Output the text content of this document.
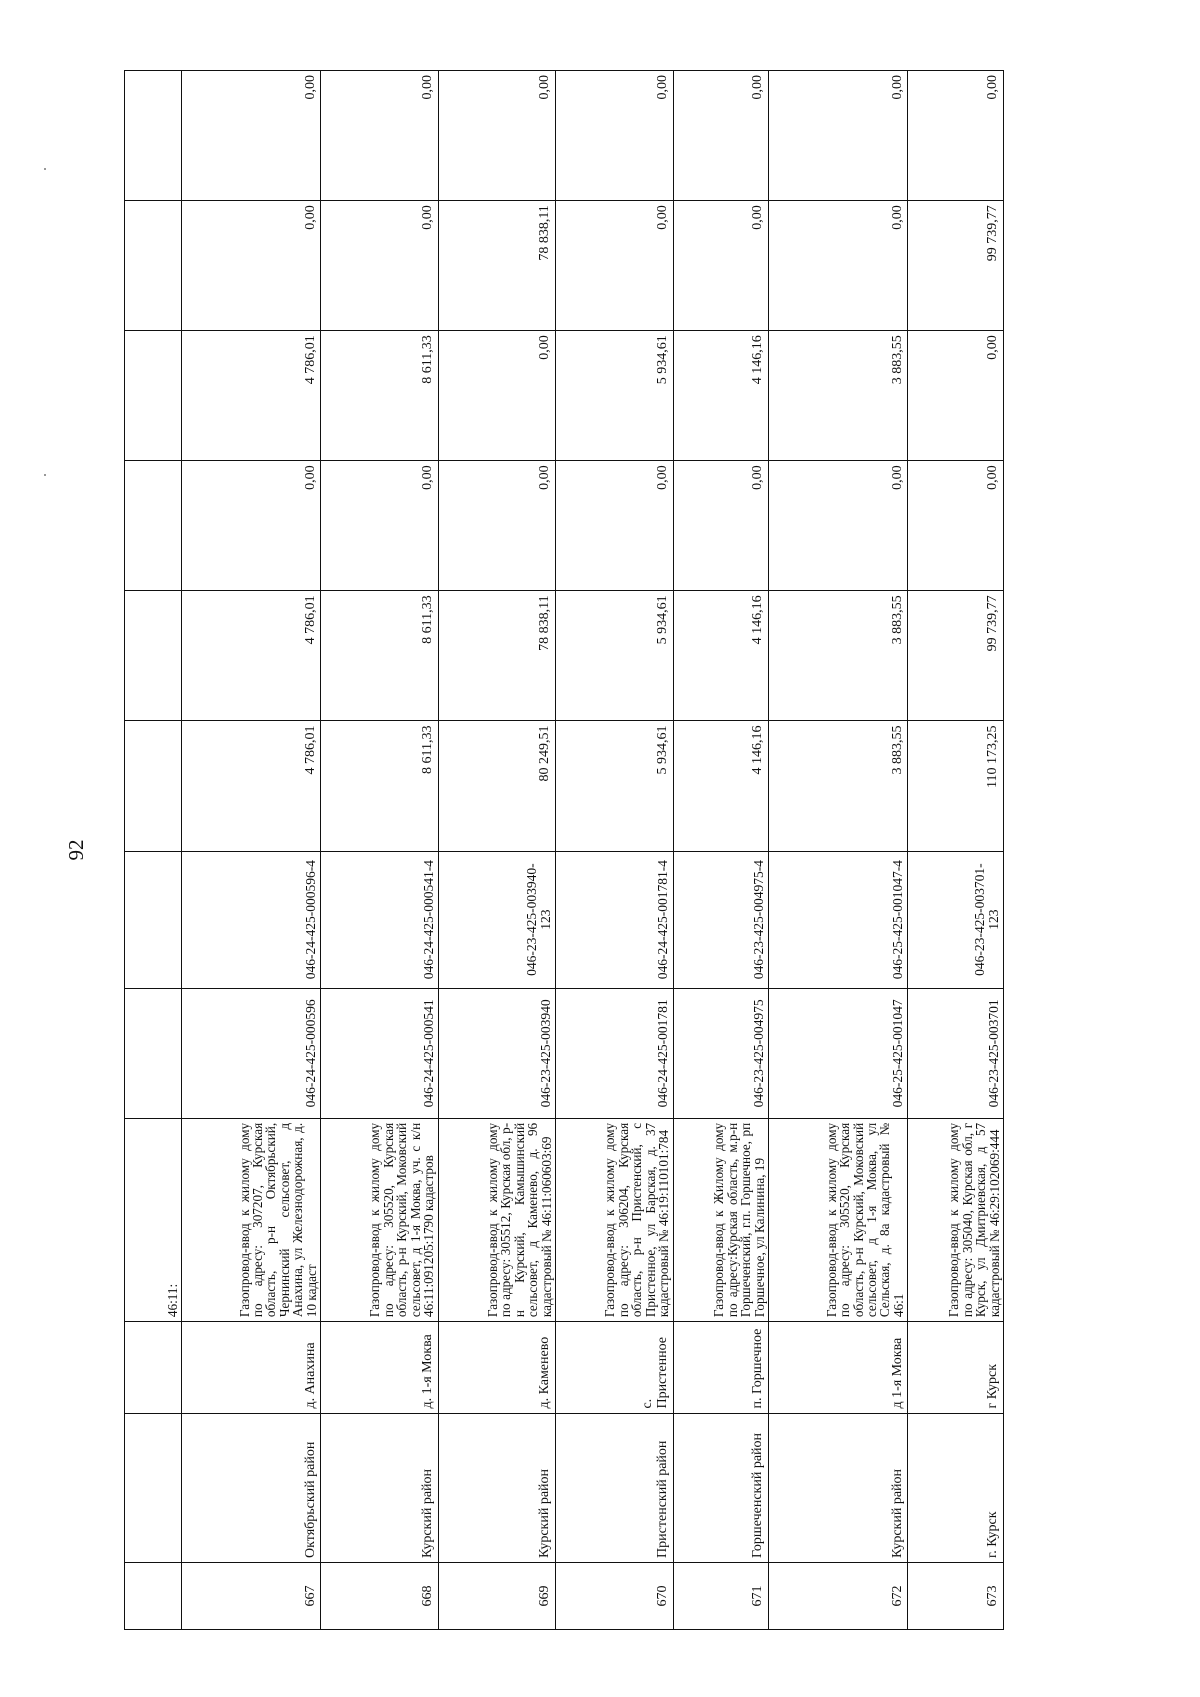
92
			46:11:								
667	Октябрьский район	д. Анахина	Газопровод-ввод к жилому дому по адресу: 307207, Курская область, р-н Октябрьский, Чернинский сельсовет, д Анахина, ул Железнодорожная, д. 10 кадаст	046-24-425-000596	046-24-425-000596-4	4 786,01	4 786,01	0,00	4 786,01	0,00	0,00
668	Курский район	д. 1-я Моква	Газопровод-ввод к жилому дому по адресу: 305520, Курская область, р-н Курский, Моковский сельсовет, д 1-я Моква, уч. с к/н 46:11:091205:1790 кадастров	046-24-425-000541	046-24-425-000541-4	8 611,33	8 611,33	0,00	8 611,33	0,00	0,00
669	Курский район	д. Каменево	Газопровод-ввод к жилому дому по адресу: 305512, Курская обл, р-н Курский, Камышинский сельсовет, д Каменево, д. 96 кадастровый № 46:11:060603:69	046-23-425-003940	046-23-425-003940-123	80 249,51	78 838,11	0,00	0,00	78 838,11	0,00
670	Пристенский район	с. Пристенное	Газопровод-ввод к жилому дому по адресу: 306204, Курская область, р-н Пристенский, с Пристенное, ул Барская, д. 37 кадастровый № 46:19:110101:784	046-24-425-001781	046-24-425-001781-4	5 934,61	5 934,61	0,00	5 934,61	0,00	0,00
671	Горшеченский район	п. Горшечное	Газопровод-ввод к Жилому дому по адресу:Курская область, м.р-н Горшеченский, г.п. Горшечное, рп Горшечное, ул Калинина, 19	046-23-425-004975	046-23-425-004975-4	4 146,16	4 146,16	0,00	4 146,16	0,00	0,00
672	Курский район	д 1-я Моква	Газопровод-ввод к жилому дому по адресу: 305520, Курская область, р-н Курский, Моковский сельсовет, д 1-я Моква, ул Сельская, д. 8а кадастровый № 46:1	046-25-425-001047	046-25-425-001047-4	3 883,55	3 883,55	0,00	3 883,55	0,00	0,00
673	г. Курск	г Курск	Газопровод-ввод к жилому дому по адресу: 305040, Курская обл, г Курск, ул Дмитриевская, д 57 кадастровый № 46:29:102069:444	046-23-425-003701	046-23-425-003701-123	110 173,25	99 739,77	0,00	0,00	99 739,77	0,00
